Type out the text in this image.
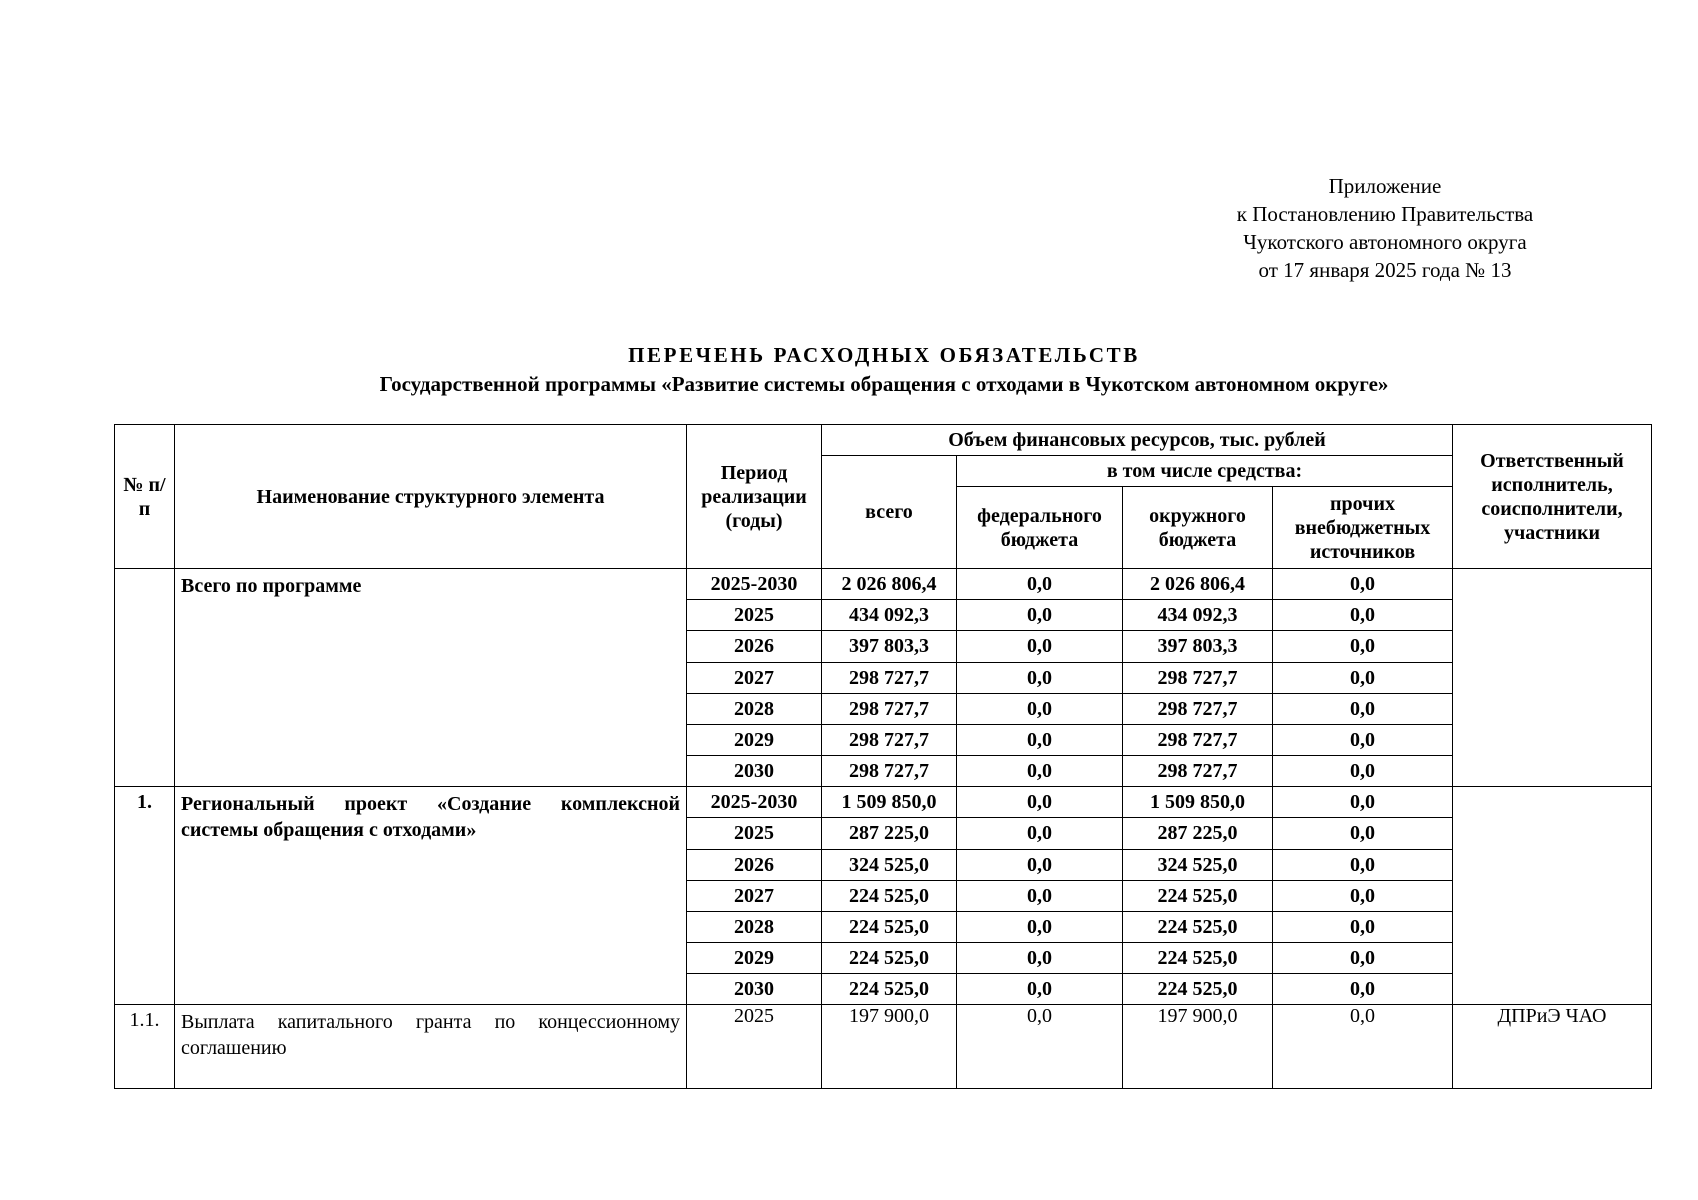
Приложение
к Постановлению Правительства
Чукотского автономного округа
от 17 января 2025 года № 13
ПЕРЕЧЕНЬ РАСХОДНЫХ ОБЯЗАТЕЛЬСТВ
Государственной программы «Развитие системы обращения с отходами в Чукотском автономном округе»
№ п/п	Наименование структурного элемента	Период реализации (годы)	Объем финансовых ресурсов, тыс. рублей				Ответственный исполнитель, соисполнители, участники
			всего	в том числе средства:			
				федерального бюджета	окружного бюджета	прочих внебюджетных источников	
	Всего по программе	2025-2030	2 026 806,4	0,0	2 026 806,4	0,0	
		2025	434 092,3	0,0	434 092,3	0,0	
		2026	397 803,3	0,0	397 803,3	0,0	
		2027	298 727,7	0,0	298 727,7	0,0	
		2028	298 727,7	0,0	298 727,7	0,0	
		2029	298 727,7	0,0	298 727,7	0,0	
		2030	298 727,7	0,0	298 727,7	0,0	
1.	Региональный проект «Создание комплексной системы обращения с отходами»	2025-2030	1 509 850,0	0,0	1 509 850,0	0,0	
		2025	287 225,0	0,0	287 225,0	0,0	
		2026	324 525,0	0,0	324 525,0	0,0	
		2027	224 525,0	0,0	224 525,0	0,0	
		2028	224 525,0	0,0	224 525,0	0,0	
		2029	224 525,0	0,0	224 525,0	0,0	
		2030	224 525,0	0,0	224 525,0	0,0	
1.1.	Выплата капитального гранта по концессионному соглашению	2025	197 900,0	0,0	197 900,0	0,0	ДПРиЭ ЧАО
